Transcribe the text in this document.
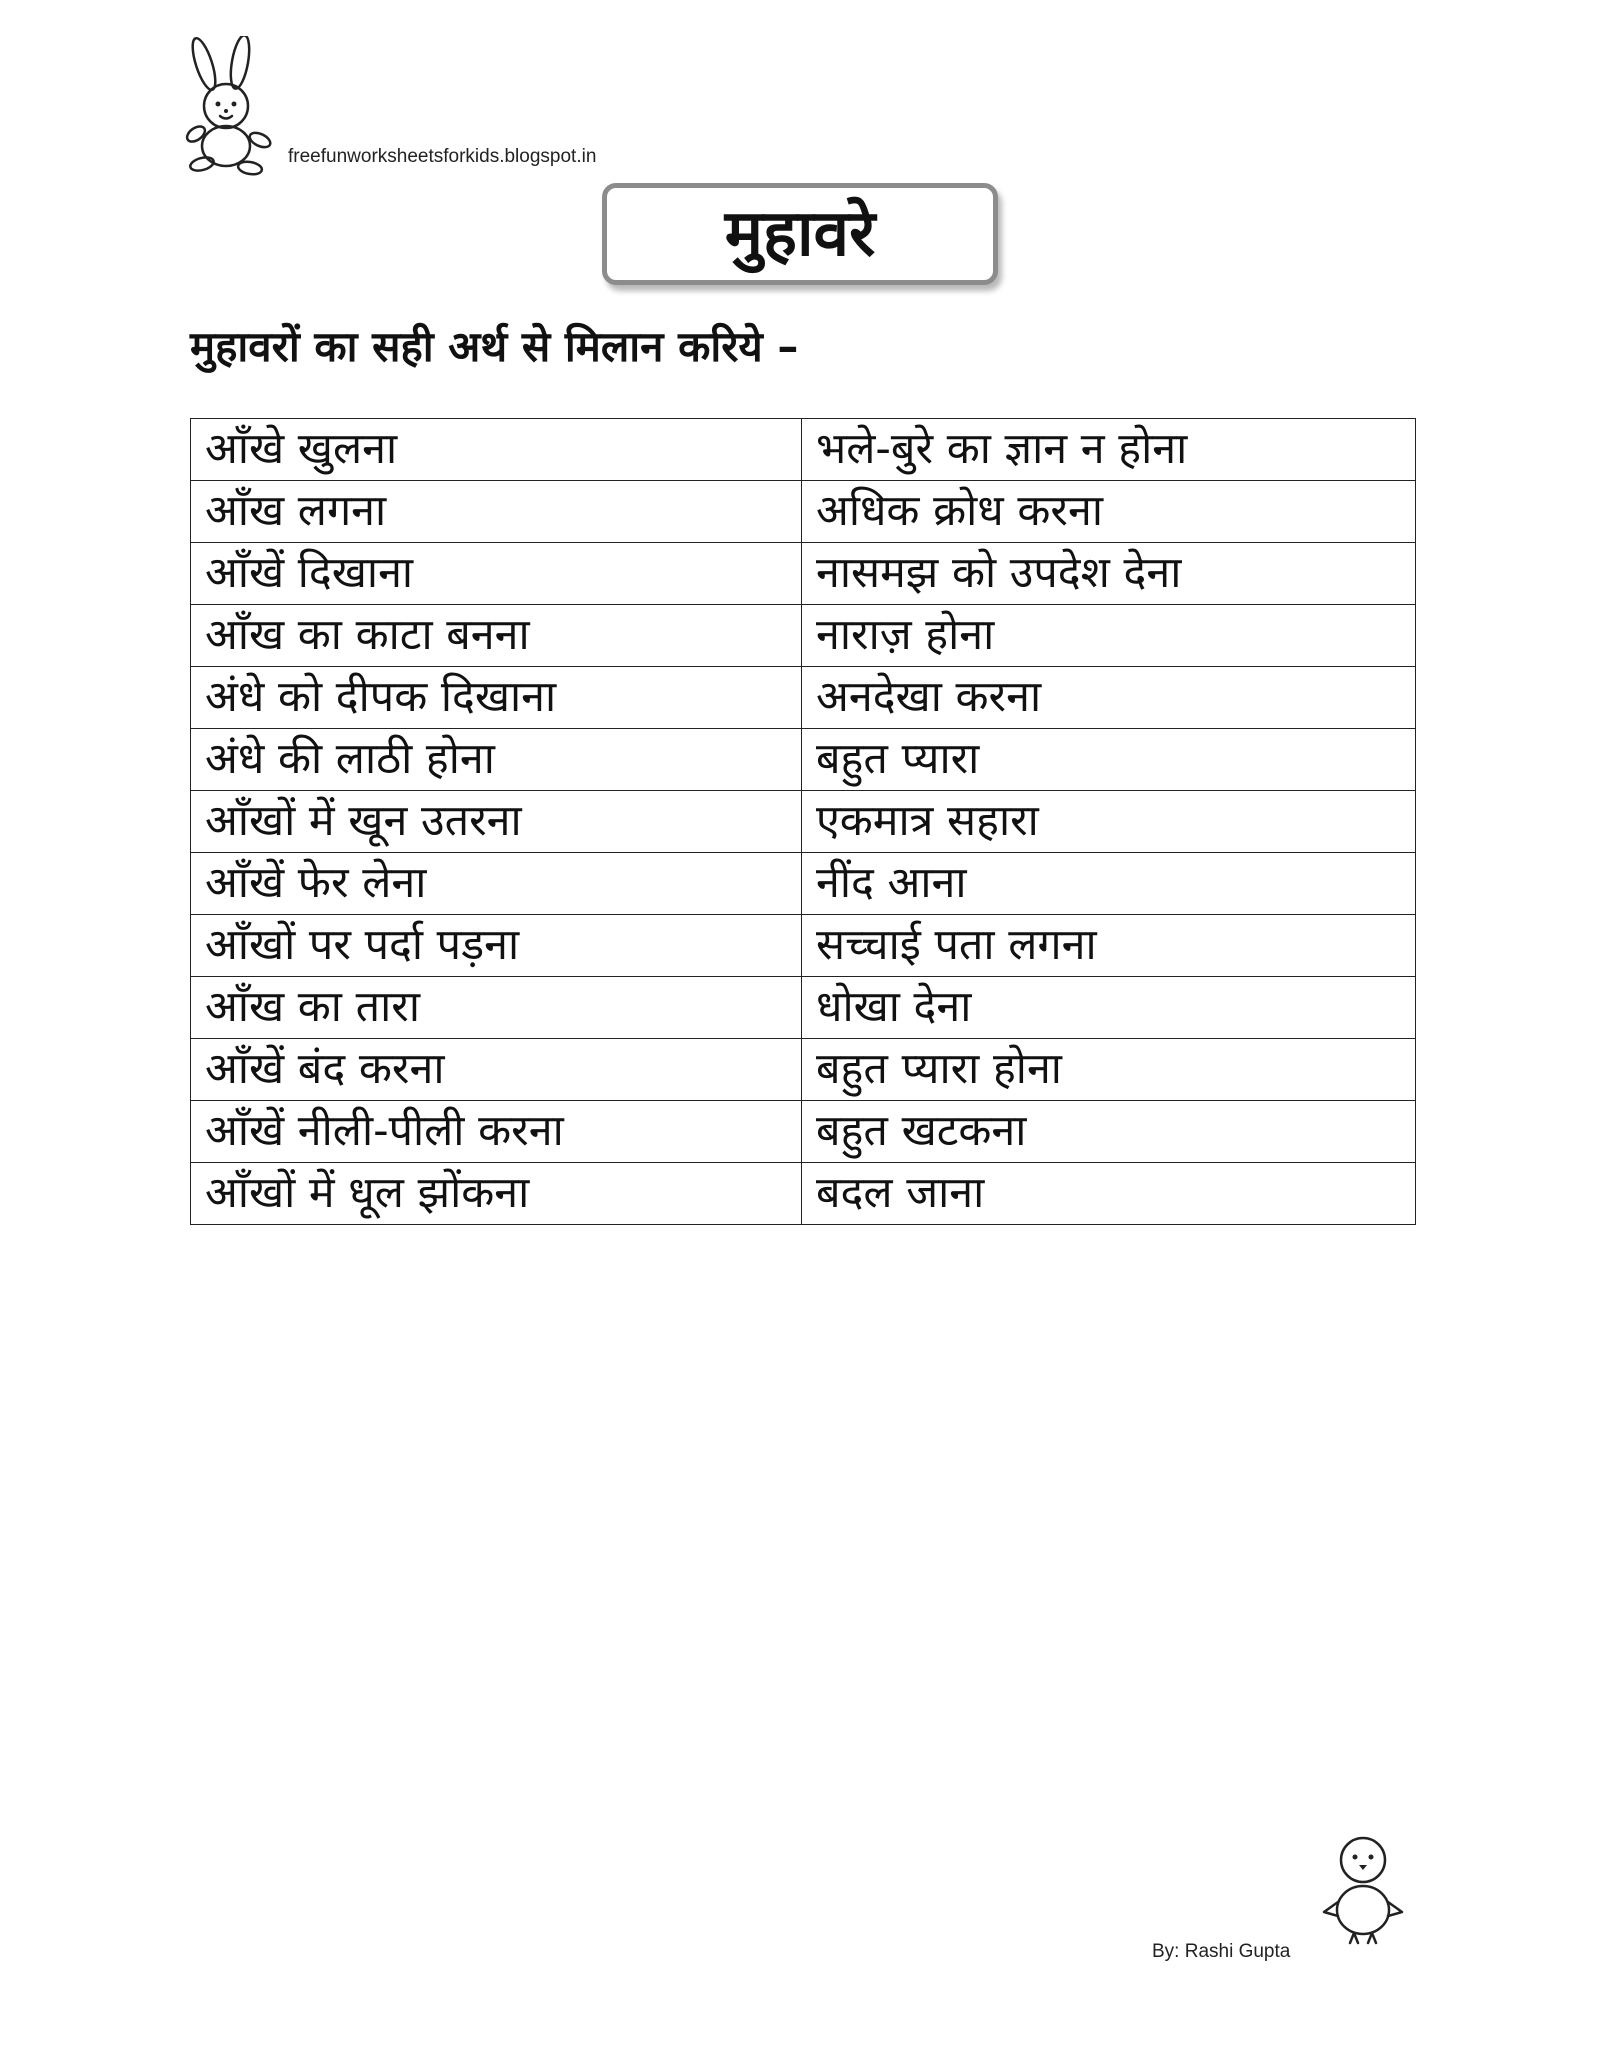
freefunworksheetsforkids.blogspot.in
मुहावरे
मुहावरों का सही अर्थ से मिलान करिये –
आँखे खुलना	भले-बुरे का ज्ञान न होना
आँख लगना	अधिक क्रोध करना
आँखें दिखाना	नासमझ को उपदेश देना
आँख का काटा बनना	नाराज़ होना
अंधे को दीपक दिखाना	अनदेखा करना
अंधे की लाठी होना	बहुत प्यारा
आँखों में खून उतरना	एकमात्र सहारा
आँखें फेर लेना	नींद आना
आँखों पर पर्दा पड़ना	सच्चाई पता लगना
आँख का तारा	धोखा देना
आँखें बंद करना	बहुत प्यारा होना
आँखें नीली-पीली करना	बहुत खटकना
आँखों में धूल झोंकना	बदल जाना
By: Rashi Gupta
